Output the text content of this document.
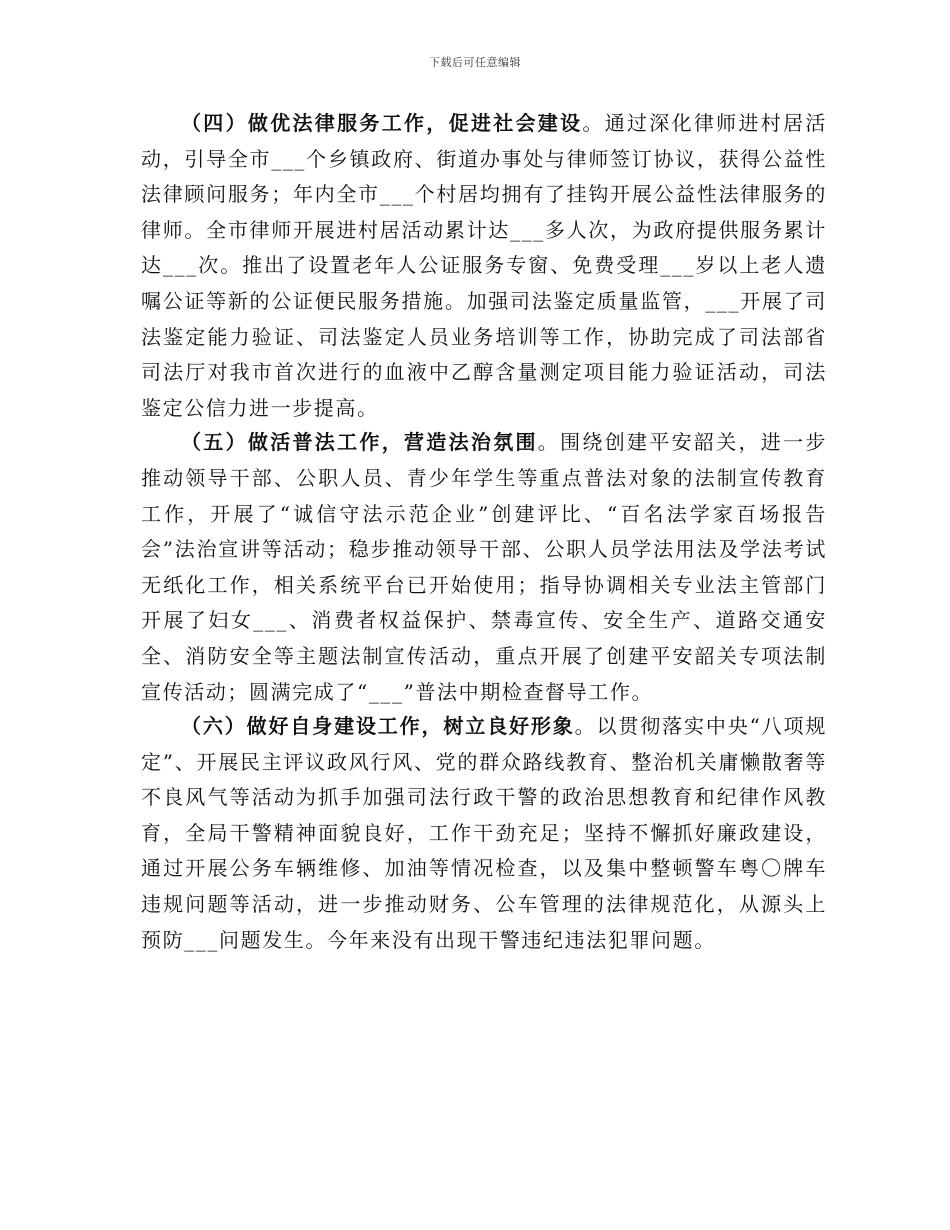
下载后可任意编辑

（四）做优法律服务工作，促进社会建设。通过深化律师进村居活动，引导全市___个乡镇政府、街道办事处与律师签订协议，获得公益性法律顾问服务；年内全市___个村居均拥有了挂钩开展公益性法律服务的律师。全市律师开展进村居活动累计达___多人次，为政府提供服务累计达___次。推出了设置老年人公证服务专窗、免费受理___岁以上老人遗嘱公证等新的公证便民服务措施。加强司法鉴定质量监管，___开展了司法鉴定能力验证、司法鉴定人员业务培训等工作，协助完成了司法部省司法厅对我市首次进行的血液中乙醇含量测定项目能力验证活动，司法鉴定公信力进一步提高。

（五）做活普法工作，营造法治氛围。围绕创建平安韶关，进一步推动领导干部、公职人员、青少年学生等重点普法对象的法制宣传教育工作，开展了“诚信守法示范企业”创建评比、“百名法学家百场报告会”法治宣讲等活动；稳步推动领导干部、公职人员学法用法及学法考试无纸化工作，相关系统平台已开始使用；指导协调相关专业法主管部门开展了妇女___、消费者权益保护、禁毒宣传、安全生产、道路交通安全、消防安全等主题法制宣传活动，重点开展了创建平安韶关专项法制宣传活动；圆满完成了“___”普法中期检查督导工作。

（六）做好自身建设工作，树立良好形象。以贯彻落实中央“八项规定”、开展民主评议政风行风、党的群众路线教育、整治机关庸懒散奢等不良风气等活动为抓手加强司法行政干警的政治思想教育和纪律作风教育，全局干警精神面貌良好，工作干劲充足；坚持不懈抓好廉政建设，通过开展公务车辆维修、加油等情况检查，以及集中整顿警车粤〇牌车违规问题等活动，进一步推动财务、公车管理的法律规范化，从源头上预防___问题发生。今年来没有出现干警违纪违法犯罪问题。
